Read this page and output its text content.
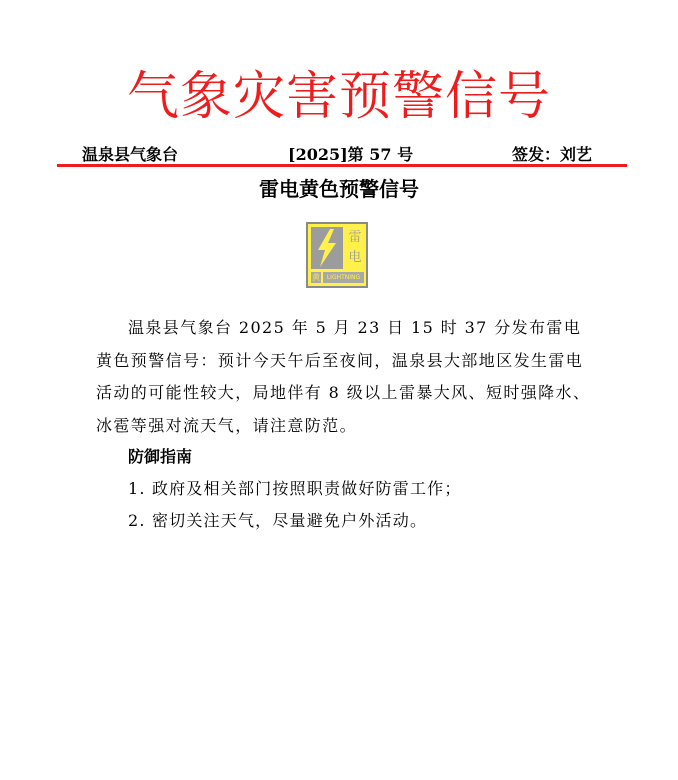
气象灾害预警信号
温泉县气象台	[2025]第 57 号	签发：刘艺
雷电黄色预警信号
雷
电
黄	LIGHTNING
温泉县气象台 2025 年 5 月 23 日 15 时 37 分发布雷电黄色预警信号：预计今天午后至夜间，温泉县大部地区发生雷电活动的可能性较大，局地伴有 8 级以上雷暴大风、短时强降水、冰雹等强对流天气，请注意防范。
防御指南
1. 政府及相关部门按照职责做好防雷工作；
2. 密切关注天气，尽量避免户外活动。
